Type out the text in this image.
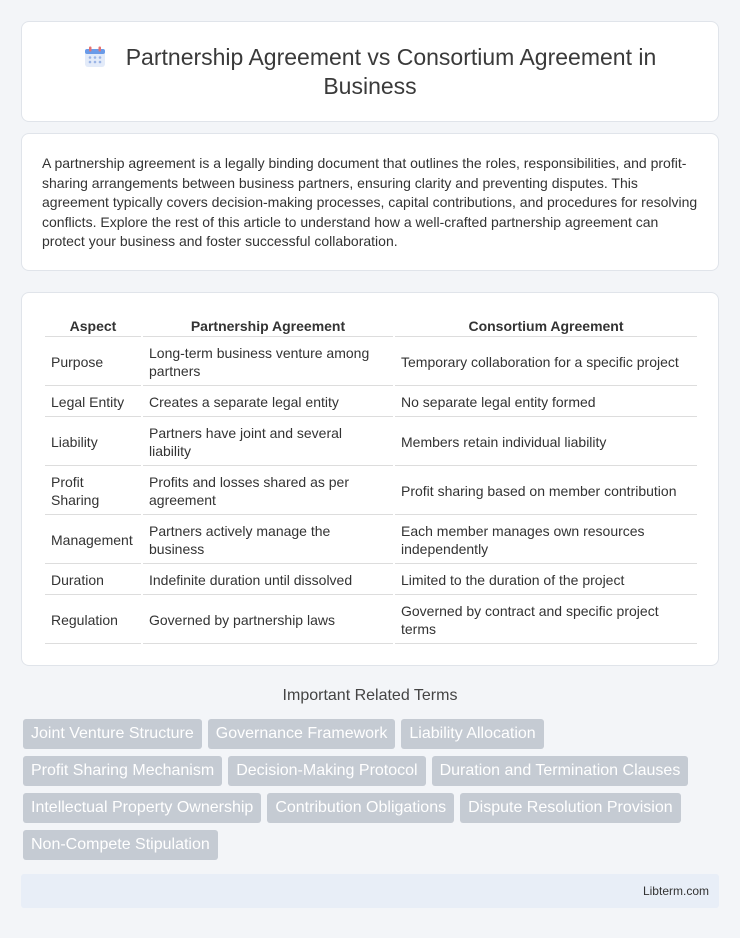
Partnership Agreement vs Consortium Agreement in Business

A partnership agreement is a legally binding document that outlines the roles, responsibilities, and profit-sharing arrangements between business partners, ensuring clarity and preventing disputes. This agreement typically covers decision-making processes, capital contributions, and procedures for resolving conflicts. Explore the rest of this article to understand how a well-crafted partnership agreement can protect your business and foster successful collaboration.

Aspect	Partnership Agreement	Consortium Agreement
Purpose	Long-term business venture among partners	Temporary collaboration for a specific project
Legal Entity	Creates a separate legal entity	No separate legal entity formed
Liability	Partners have joint and several liability	Members retain individual liability
Profit Sharing	Profits and losses shared as per agreement	Profit sharing based on member contribution
Management	Partners actively manage the business	Each member manages own resources independently
Duration	Indefinite duration until dissolved	Limited to the duration of the project
Regulation	Governed by partnership laws	Governed by contract and specific project terms
Important Related Terms
Joint Venture Structure	Governance Framework	Liability Allocation
Profit Sharing Mechanism	Decision-Making Protocol	Duration and Termination Clauses
Intellectual Property Ownership	Contribution Obligations	Dispute Resolution Provision
Non-Compete Stipulation
Libterm.com
